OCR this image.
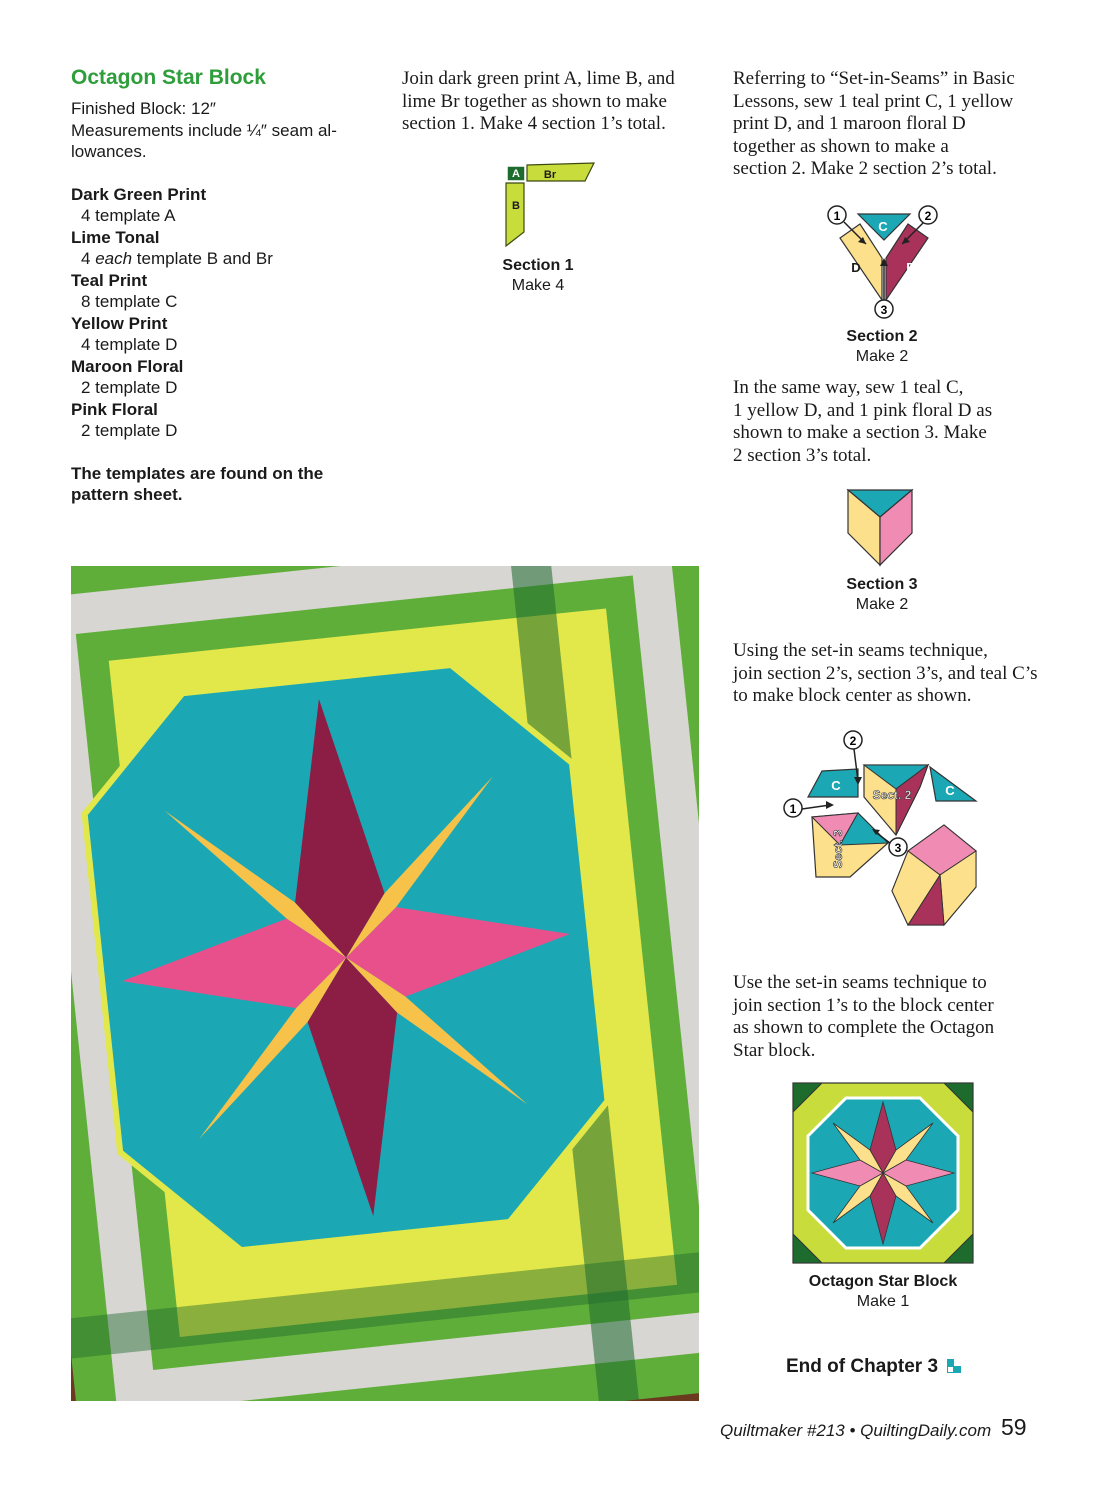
Octagon Star Block
Finished Block: 12″
Measurements include ¼″ seam al-
lowances.
Dark Green Print
4 template A
Lime Tonal
4 each template B and Br
Teal Print
8 template C
Yellow Print
4 template D
Maroon Floral
2 template D
Pink Floral
2 template D
The templates are found on the
pattern sheet.
Join dark green print A, lime B, and
lime Br together as shown to make
section 1. Make 4 section 1’s total.
A Br
B
Section 1
Make 4
Referring to “Set-in-Seams” in Basic
Lessons, sew 1 teal print C, 1 yellow
print D, and 1 maroon floral D
together as shown to make a
section 2. Make 2 section 2’s total.
C
D	D
1	2
3
Section 2
Make 2
In the same way, sew 1 teal C,
1 yellow D, and 1 pink floral D as
shown to make a section 3. Make
2 section 3’s total.
Section 3
Make 2
Using the set-in seams technique,
join section 2’s, section 3’s, and teal C’s
to make block center as shown.
C	C
Sect. 2
Sect. 3
2
1
3
Use the set-in seams technique to
join section 1’s to the block center
as shown to complete the Octagon
Star block.
Octagon Star Block
Make 1
End of Chapter 3
Quiltmaker #213 • QuiltingDaily.com 59
